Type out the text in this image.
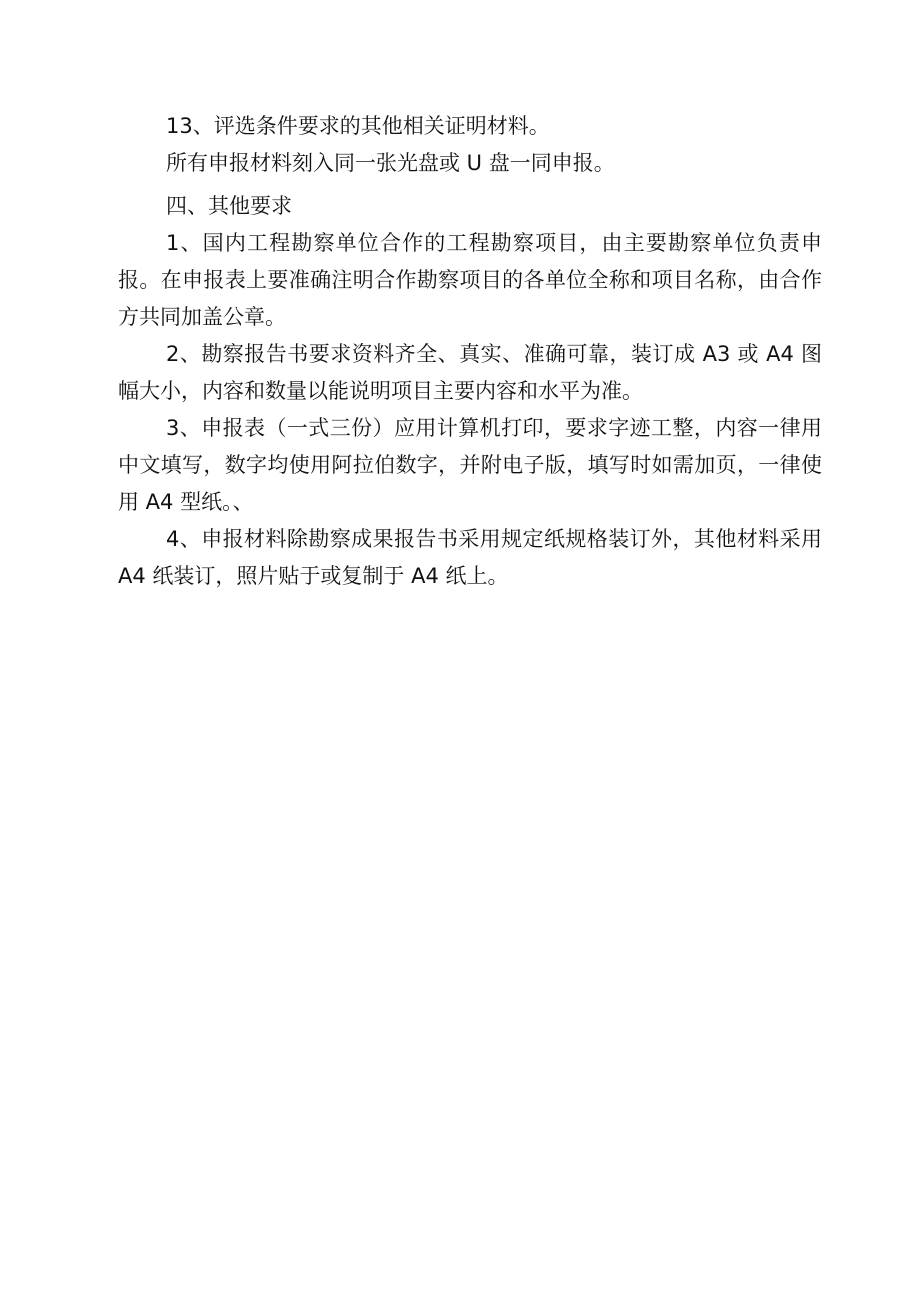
13、评选条件要求的其他相关证明材料。

所有申报材料刻入同一张光盘或 U 盘一同申报。

四、其他要求

1、国内工程勘察单位合作的工程勘察项目，由主要勘察单位负责申报。在申报表上要准确注明合作勘察项目的各单位全称和项目名称，由合作方共同加盖公章。

2、勘察报告书要求资料齐全、真实、准确可靠，装订成 A3 或 A4 图幅大小，内容和数量以能说明项目主要内容和水平为准。

3、申报表（一式三份）应用计算机打印，要求字迹工整，内容一律用中文填写，数字均使用阿拉伯数字，并附电子版，填写时如需加页，一律使用 A4 型纸。、

4、申报材料除勘察成果报告书采用规定纸规格装订外，其他材料采用 A4 纸装订，照片贴于或复制于 A4 纸上。
